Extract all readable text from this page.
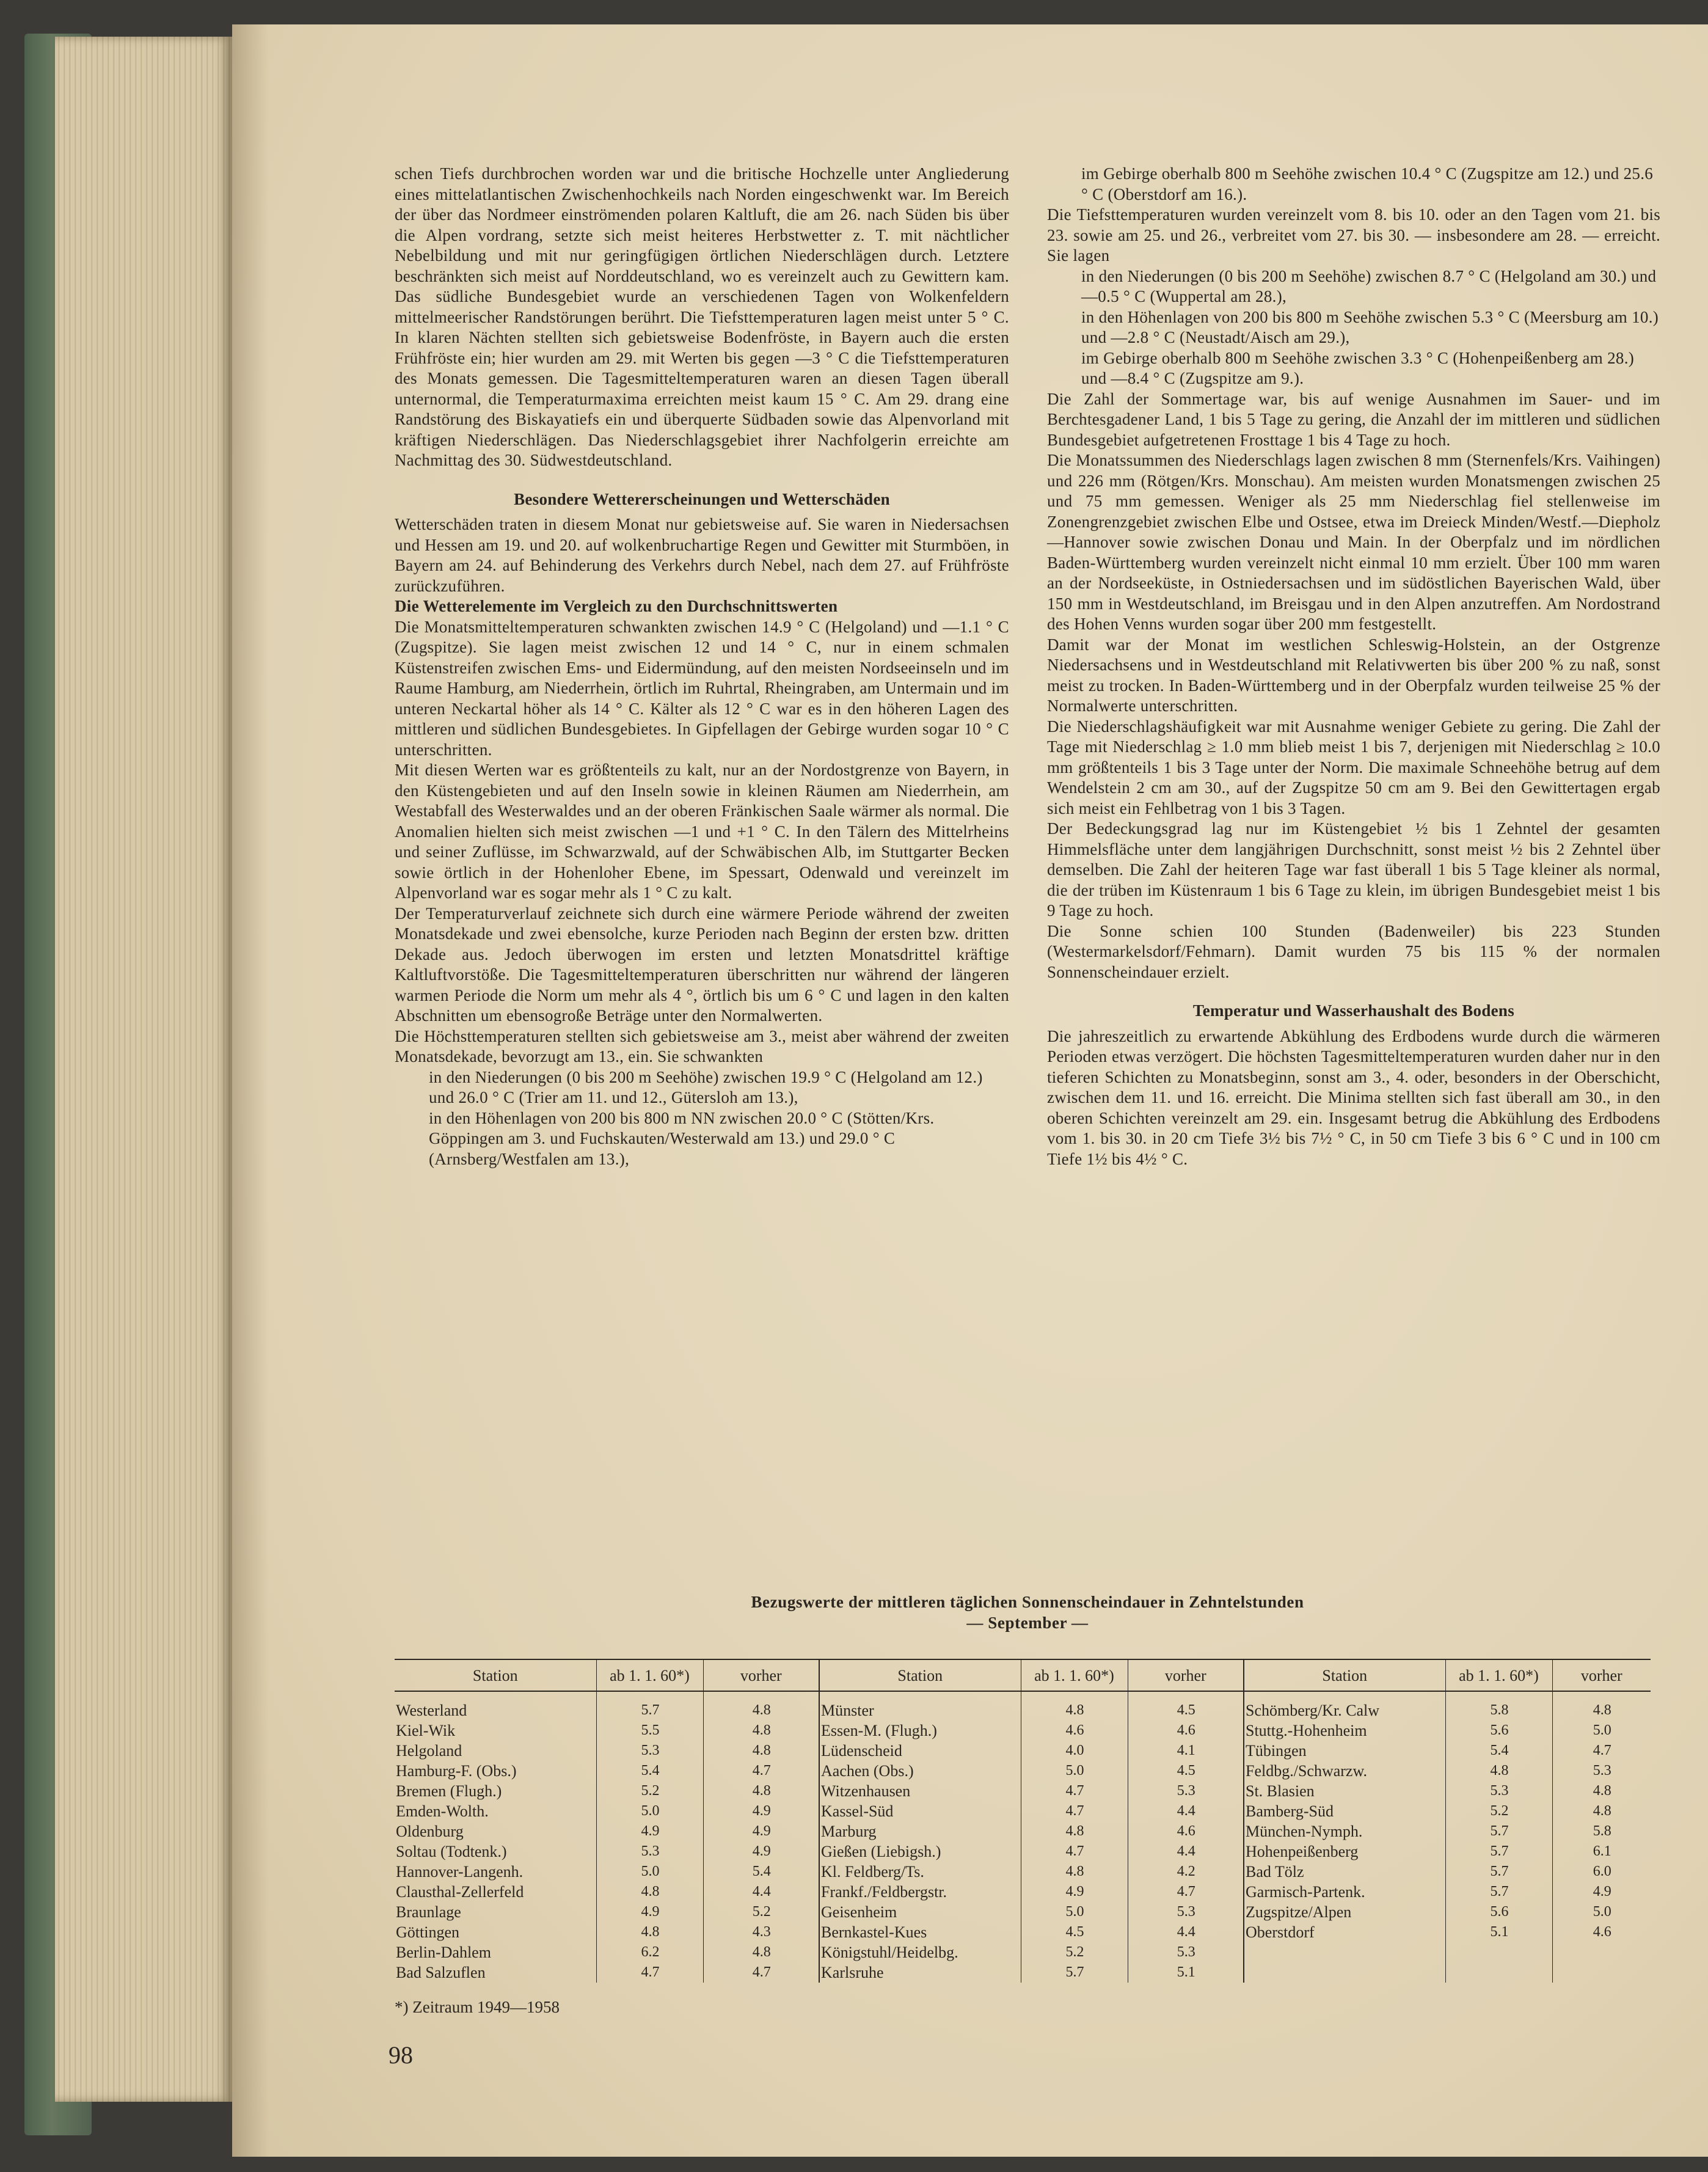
schen Tiefs durchbrochen worden war und die britische Hochzelle unter Angliederung eines mittelatlantischen Zwischenhochkeils nach Norden eingeschwenkt war. Im Bereich der über das Nordmeer einströmenden polaren Kaltluft, die am 26. nach Süden bis über die Alpen vordrang, setzte sich meist heiteres Herbstwetter z. T. mit nächtlicher Nebelbildung und mit nur geringfügigen örtlichen Niederschlägen durch. Letztere beschränkten sich meist auf Norddeutschland, wo es vereinzelt auch zu Gewittern kam. Das südliche Bundesgebiet wurde an verschiedenen Tagen von Wolkenfeldern mittelmeerischer Randstörungen berührt. Die Tiefsttemperaturen lagen meist unter 5 ° C. In klaren Nächten stellten sich gebietsweise Bodenfröste, in Bayern auch die ersten Frühfröste ein; hier wurden am 29. mit Werten bis gegen —3 ° C die Tiefsttemperaturen des Monats gemessen. Die Tagesmitteltemperaturen waren an diesen Tagen überall unternormal, die Temperaturmaxima erreichten meist kaum 15 ° C. Am 29. drang eine Randstörung des Biskayatiefs ein und überquerte Südbaden sowie das Alpenvorland mit kräftigen Niederschlägen. Das Niederschlagsgebiet ihrer Nachfolgerin erreichte am Nachmittag des 30. Südwestdeutschland.

Besondere Wettererscheinungen und Wetterschäden

Wetterschäden traten in diesem Monat nur gebietsweise auf. Sie waren in Niedersachsen und Hessen am 19. und 20. auf wolkenbruchartige Regen und Gewitter mit Sturmböen, in Bayern am 24. auf Behinderung des Verkehrs durch Nebel, nach dem 27. auf Frühfröste zurückzuführen.

Die Wetterelemente im Vergleich zu den Durchschnittswerten
Die Monatsmitteltemperaturen schwankten zwischen 14.9 ° C (Helgoland) und —1.1 ° C (Zugspitze). Sie lagen meist zwischen 12 und 14 ° C, nur in einem schmalen Küstenstreifen zwischen Ems- und Eidermündung, auf den meisten Nordseeinseln und im Raume Hamburg, am Niederrhein, örtlich im Ruhrtal, Rheingraben, am Untermain und im unteren Neckartal höher als 14 ° C. Kälter als 12 ° C war es in den höheren Lagen des mittleren und südlichen Bundesgebietes. In Gipfellagen der Gebirge wurden sogar 10 ° C unterschritten.

Mit diesen Werten war es größtenteils zu kalt, nur an der Nordostgrenze von Bayern, in den Küstengebieten und auf den Inseln sowie in kleinen Räumen am Niederrhein, am Westabfall des Westerwaldes und an der oberen Fränkischen Saale wärmer als normal. Die Anomalien hielten sich meist zwischen —1 und +1 ° C. In den Tälern des Mittelrheins und seiner Zuflüsse, im Schwarzwald, auf der Schwäbischen Alb, im Stuttgarter Becken sowie örtlich in der Hohenloher Ebene, im Spessart, Odenwald und vereinzelt im Alpenvorland war es sogar mehr als 1 ° C zu kalt.

Der Temperaturverlauf zeichnete sich durch eine wärmere Periode während der zweiten Monatsdekade und zwei ebensolche, kurze Perioden nach Beginn der ersten bzw. dritten Dekade aus. Jedoch überwogen im ersten und letzten Monatsdrittel kräftige Kaltluftvorstöße. Die Tagesmitteltemperaturen überschritten nur während der längeren warmen Periode die Norm um mehr als 4 °, örtlich bis um 6 ° C und lagen in den kalten Abschnitten um ebensogroße Beträge unter den Normalwerten.

Die Höchsttemperaturen stellten sich gebietsweise am 3., meist aber während der zweiten Monatsdekade, bevorzugt am 13., ein. Sie schwankten

in den Niederungen (0 bis 200 m Seehöhe) zwischen 19.9 ° C (Helgoland am 12.) und 26.0 ° C (Trier am 11. und 12., Gütersloh am 13.),

in den Höhenlagen von 200 bis 800 m NN zwischen 20.0 ° C (Stötten/Krs. Göppingen am 3. und Fuchskauten/Westerwald am 13.) und 29.0 ° C (Arnsberg/Westfalen am 13.),

im Gebirge oberhalb 800 m Seehöhe zwischen 10.4 ° C (Zugspitze am 12.) und 25.6 ° C (Oberstdorf am 16.).

Die Tiefsttemperaturen wurden vereinzelt vom 8. bis 10. oder an den Tagen vom 21. bis 23. sowie am 25. und 26., verbreitet vom 27. bis 30. — insbesondere am 28. — erreicht. Sie lagen

in den Niederungen (0 bis 200 m Seehöhe) zwischen 8.7 ° C (Helgoland am 30.) und —0.5 ° C (Wuppertal am 28.),

in den Höhenlagen von 200 bis 800 m Seehöhe zwischen 5.3 ° C (Meersburg am 10.) und —2.8 ° C (Neustadt/Aisch am 29.),

im Gebirge oberhalb 800 m Seehöhe zwischen 3.3 ° C (Hohenpeißenberg am 28.) und —8.4 ° C (Zugspitze am 9.).

Die Zahl der Sommertage war, bis auf wenige Ausnahmen im Sauer- und im Berchtesgadener Land, 1 bis 5 Tage zu gering, die Anzahl der im mittleren und südlichen Bundesgebiet aufgetretenen Frosttage 1 bis 4 Tage zu hoch.

Die Monatssummen des Niederschlags lagen zwischen 8 mm (Sternenfels/Krs. Vaihingen) und 226 mm (Rötgen/Krs. Monschau). Am meisten wurden Monatsmengen zwischen 25 und 75 mm gemessen. Weniger als 25 mm Niederschlag fiel stellenweise im Zonengrenzgebiet zwischen Elbe und Ostsee, etwa im Dreieck Minden/Westf.—Diepholz—Hannover sowie zwischen Donau und Main. In der Oberpfalz und im nördlichen Baden-Württemberg wurden vereinzelt nicht einmal 10 mm erzielt. Über 100 mm waren an der Nordseeküste, in Ostniedersachsen und im südöstlichen Bayerischen Wald, über 150 mm in Westdeutschland, im Breisgau und in den Alpen anzutreffen. Am Nordostrand des Hohen Venns wurden sogar über 200 mm festgestellt.

Damit war der Monat im westlichen Schleswig-Holstein, an der Ostgrenze Niedersachsens und in Westdeutschland mit Relativwerten bis über 200 % zu naß, sonst meist zu trocken. In Baden-Württemberg und in der Oberpfalz wurden teilweise 25 % der Normalwerte unterschritten.

Die Niederschlagshäufigkeit war mit Ausnahme weniger Gebiete zu gering. Die Zahl der Tage mit Niederschlag ≥ 1.0 mm blieb meist 1 bis 7, derjenigen mit Niederschlag ≥ 10.0 mm größtenteils 1 bis 3 Tage unter der Norm. Die maximale Schneehöhe betrug auf dem Wendelstein 2 cm am 30., auf der Zugspitze 50 cm am 9. Bei den Gewittertagen ergab sich meist ein Fehlbetrag von 1 bis 3 Tagen.

Der Bedeckungsgrad lag nur im Küstengebiet ½ bis 1 Zehntel der gesamten Himmelsfläche unter dem langjährigen Durchschnitt, sonst meist ½ bis 2 Zehntel über demselben. Die Zahl der heiteren Tage war fast überall 1 bis 5 Tage kleiner als normal, die der trüben im Küstenraum 1 bis 6 Tage zu klein, im übrigen Bundesgebiet meist 1 bis 9 Tage zu hoch.

Die Sonne schien 100 Stunden (Badenweiler) bis 223 Stunden (Westermarkelsdorf/Fehmarn). Damit wurden 75 bis 115 % der normalen Sonnenscheindauer erzielt.

Temperatur und Wasserhaushalt des Bodens

Die jahreszeitlich zu erwartende Abkühlung des Erdbodens wurde durch die wärmeren Perioden etwas verzögert. Die höchsten Tagesmitteltemperaturen wurden daher nur in den tieferen Schichten zu Monatsbeginn, sonst am 3., 4. oder, besonders in der Oberschicht, zwischen dem 11. und 16. erreicht. Die Minima stellten sich fast überall am 30., in den oberen Schichten vereinzelt am 29. ein. Insgesamt betrug die Abkühlung des Erdbodens vom 1. bis 30. in 20 cm Tiefe 3½ bis 7½ ° C, in 50 cm Tiefe 3 bis 6 ° C und in 100 cm Tiefe 1½ bis 4½ ° C.

Bezugswerte der mittleren täglichen Sonnenscheindauer in Zehntelstunden
— September —
Station	ab 1. 1. 60*)	vorher	Station	ab 1. 1. 60*)	vorher	Station	ab 1. 1. 60*)	vorher
Westerland	5.7	4.8	Münster	4.8	4.5	Schömberg/Kr. Calw	5.8	4.8
Kiel-Wik	5.5	4.8	Essen-M. (Flugh.)	4.6	4.6	Stuttg.-Hohenheim	5.6	5.0
Helgoland	5.3	4.8	Lüdenscheid	4.0	4.1	Tübingen	5.4	4.7
Hamburg-F. (Obs.)	5.4	4.7	Aachen (Obs.)	5.0	4.5	Feldbg./Schwarzw.	4.8	5.3
Bremen (Flugh.)	5.2	4.8	Witzenhausen	4.7	5.3	St. Blasien	5.3	4.8
Emden-Wolth.	5.0	4.9	Kassel-Süd	4.7	4.4	Bamberg-Süd	5.2	4.8
Oldenburg	4.9	4.9	Marburg	4.8	4.6	München-Nymph.	5.7	5.8
Soltau (Todtenk.)	5.3	4.9	Gießen (Liebigsh.)	4.7	4.4	Hohenpeißenberg	5.7	6.1
Hannover-Langenh.	5.0	5.4	Kl. Feldberg/Ts.	4.8	4.2	Bad Tölz	5.7	6.0
Clausthal-Zellerfeld	4.8	4.4	Frankf./Feldbergstr.	4.9	4.7	Garmisch-Partenk.	5.7	4.9
Braunlage	4.9	5.2	Geisenheim	5.0	5.3	Zugspitze/Alpen	5.6	5.0
Göttingen	4.8	4.3	Bernkastel-Kues	4.5	4.4	Oberstdorf	5.1	4.6
Berlin-Dahlem	6.2	4.8	Königstuhl/Heidelbg.	5.2	5.3			
Bad Salzuflen	4.7	4.7	Karlsruhe	5.7	5.1			
*) Zeitraum 1949—1958
98
